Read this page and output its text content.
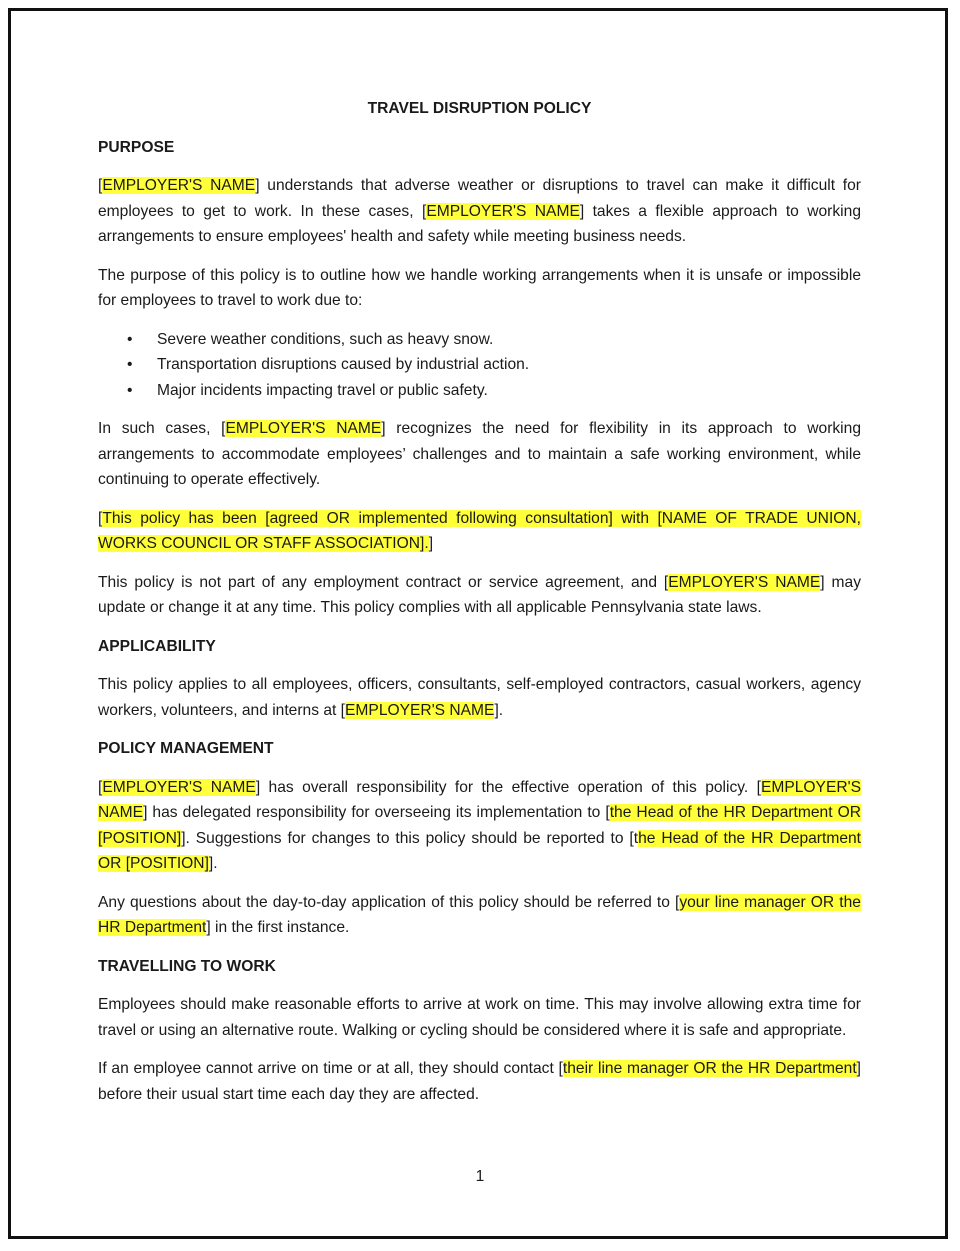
TRAVEL DISRUPTION POLICY
PURPOSE

[EMPLOYER'S NAME] understands that adverse weather or disruptions to travel can make it difficult for employees to get to work. In these cases, [EMPLOYER'S NAME] takes a flexible approach to working arrangements to ensure employees' health and safety while meeting business needs.

The purpose of this policy is to outline how we handle working arrangements when it is unsafe or impossible for employees to travel to work due to:

• Severe weather conditions, such as heavy snow.
• Transportation disruptions caused by industrial action.
• Major incidents impacting travel or public safety.

In such cases, [EMPLOYER'S NAME] recognizes the need for flexibility in its approach to working arrangements to accommodate employees’ challenges and to maintain a safe working environment, while continuing to operate effectively.

[This policy has been [agreed OR implemented following consultation] with [NAME OF TRADE UNION, WORKS COUNCIL OR STAFF ASSOCIATION].]

This policy is not part of any employment contract or service agreement, and [EMPLOYER'S NAME] may update or change it at any time. This policy complies with all applicable Pennsylvania state laws.

APPLICABILITY

This policy applies to all employees, officers, consultants, self-employed contractors, casual workers, agency workers, volunteers, and interns at [EMPLOYER'S NAME].

POLICY MANAGEMENT

[EMPLOYER'S NAME] has overall responsibility for the effective operation of this policy. [EMPLOYER'S NAME] has delegated responsibility for overseeing its implementation to [the Head of the HR Department OR [POSITION]]. Suggestions for changes to this policy should be reported to [the Head of the HR Department OR [POSITION]].

Any questions about the day-to-day application of this policy should be referred to [your line manager OR the HR Department] in the first instance.

TRAVELLING TO WORK

Employees should make reasonable efforts to arrive at work on time. This may involve allowing extra time for travel or using an alternative route. Walking or cycling should be considered where it is safe and appropriate.

If an employee cannot arrive on time or at all, they should contact [their line manager OR the HR Department] before their usual start time each day they are affected.

1
